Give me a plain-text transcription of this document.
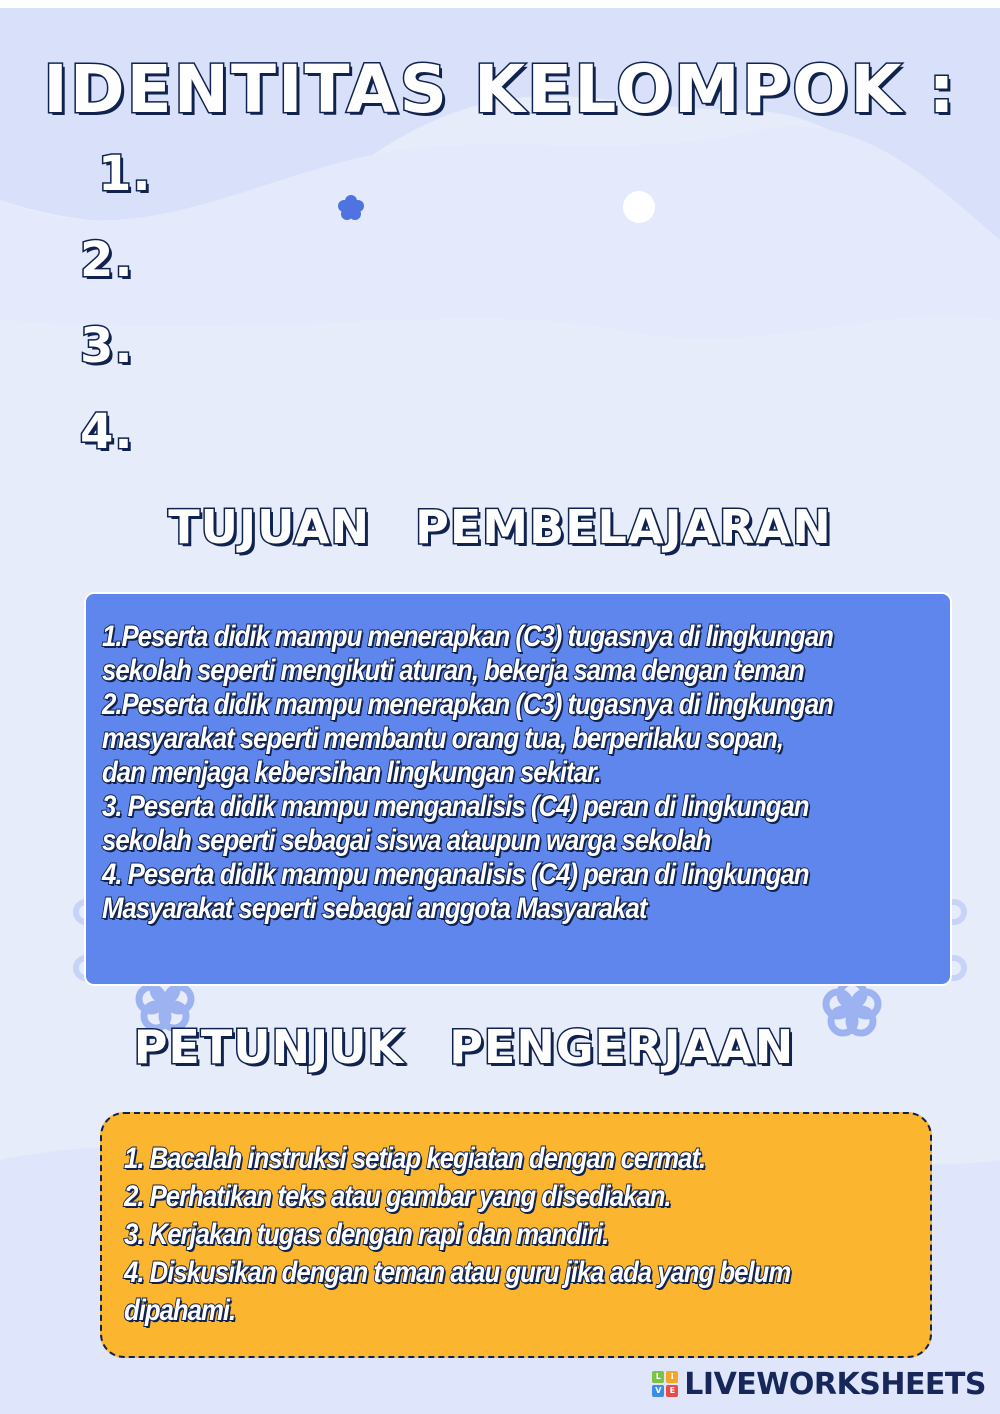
IDENTITAS KELOMPOK :
1.
2.
3.
4.
TUJUAN PEMBELAJARAN
1.Peserta didik mampu menerapkan (C3) tugasnya di lingkungan
sekolah seperti mengikuti aturan, bekerja sama dengan teman
2.Peserta didik mampu menerapkan (C3) tugasnya di lingkungan
masyarakat seperti membantu orang tua, berperilaku sopan,
dan menjaga kebersihan lingkungan sekitar.
3. Peserta didik mampu menganalisis (C4) peran di lingkungan
sekolah seperti sebagai siswa ataupun warga sekolah
4. Peserta didik mampu menganalisis (C4) peran di lingkungan
Masyarakat seperti sebagai anggota Masyarakat
PETUNJUK PENGERJAAN
1. Bacalah instruksi setiap kegiatan dengan cermat.
2. Perhatikan teks atau gambar yang disediakan.
3. Kerjakan tugas dengan rapi dan mandiri.
4. Diskusikan dengan teman atau guru jika ada yang belum
dipahami.
L	I
V	E LIVEWORKSHEETS
